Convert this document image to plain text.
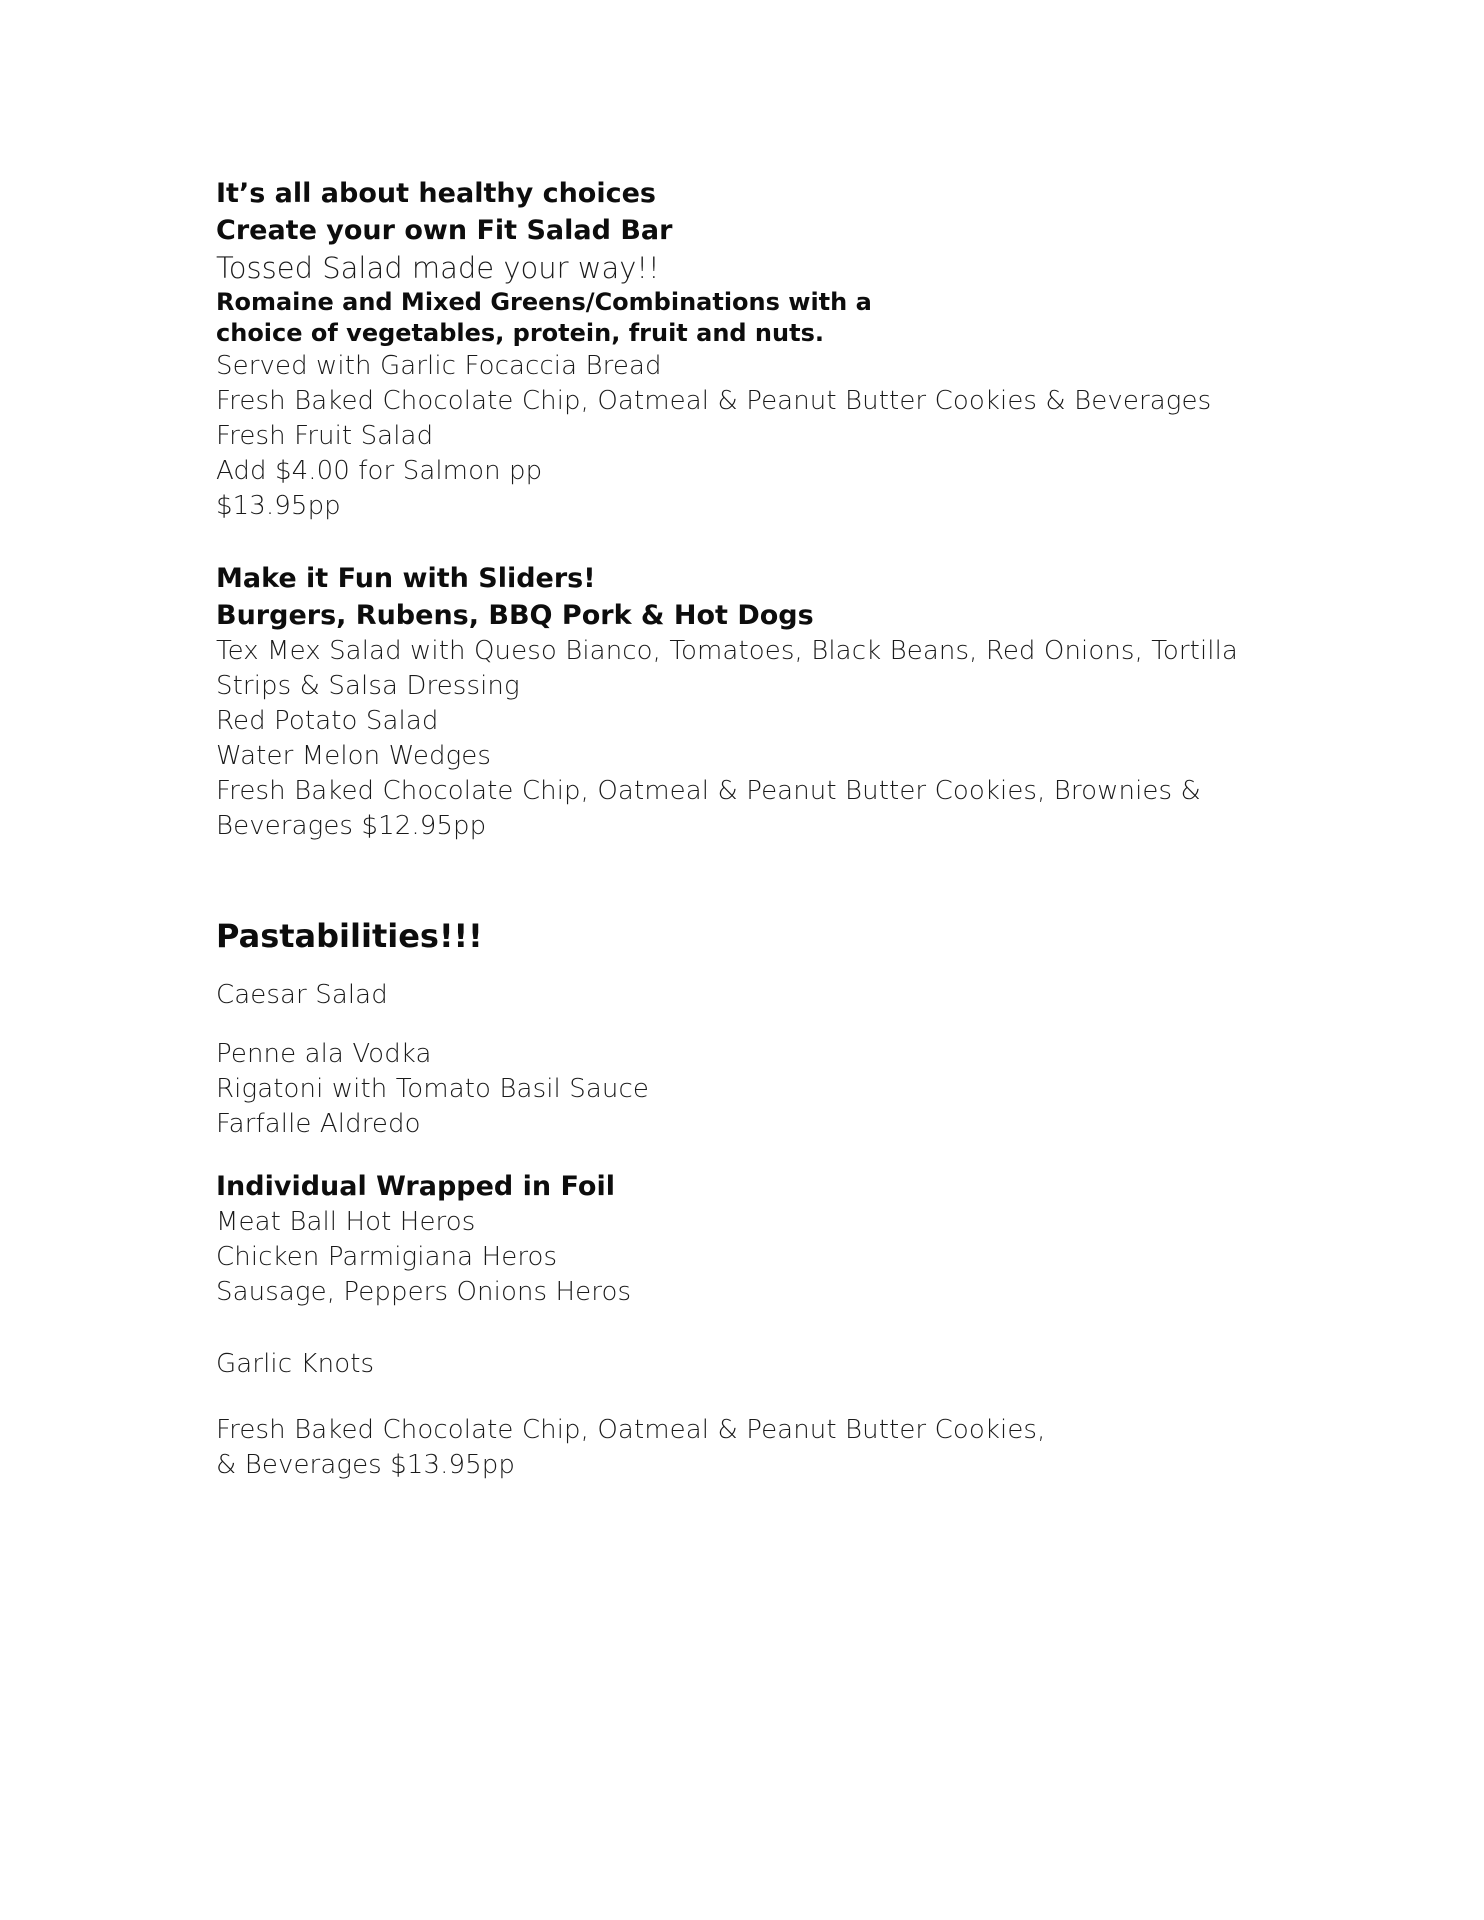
It’s all about healthy choices
Create your own Fit Salad Bar
Tossed Salad made your way!!
Romaine and Mixed Greens/Combinations with a
choice of vegetables, protein, fruit and nuts.
Served with Garlic Focaccia Bread
Fresh Baked Chocolate Chip, Oatmeal & Peanut Butter Cookies & Beverages
Fresh Fruit Salad
Add $4.00 for Salmon pp
$13.95pp
Make it Fun with Sliders!
Burgers, Rubens, BBQ Pork & Hot Dogs
Tex Mex Salad with Queso Bianco, Tomatoes, Black Beans, Red Onions, Tortilla
Strips & Salsa Dressing
Red Potato Salad
Water Melon Wedges
Fresh Baked Chocolate Chip, Oatmeal & Peanut Butter Cookies, Brownies &
Beverages $12.95pp
Pastabilities!!!
Caesar Salad
Penne ala Vodka
Rigatoni with Tomato Basil Sauce
Farfalle Aldredo
Individual Wrapped in Foil
Meat Ball Hot Heros
Chicken Parmigiana Heros
Sausage, Peppers Onions Heros
Garlic Knots
Fresh Baked Chocolate Chip, Oatmeal & Peanut Butter Cookies,
& Beverages $13.95pp
